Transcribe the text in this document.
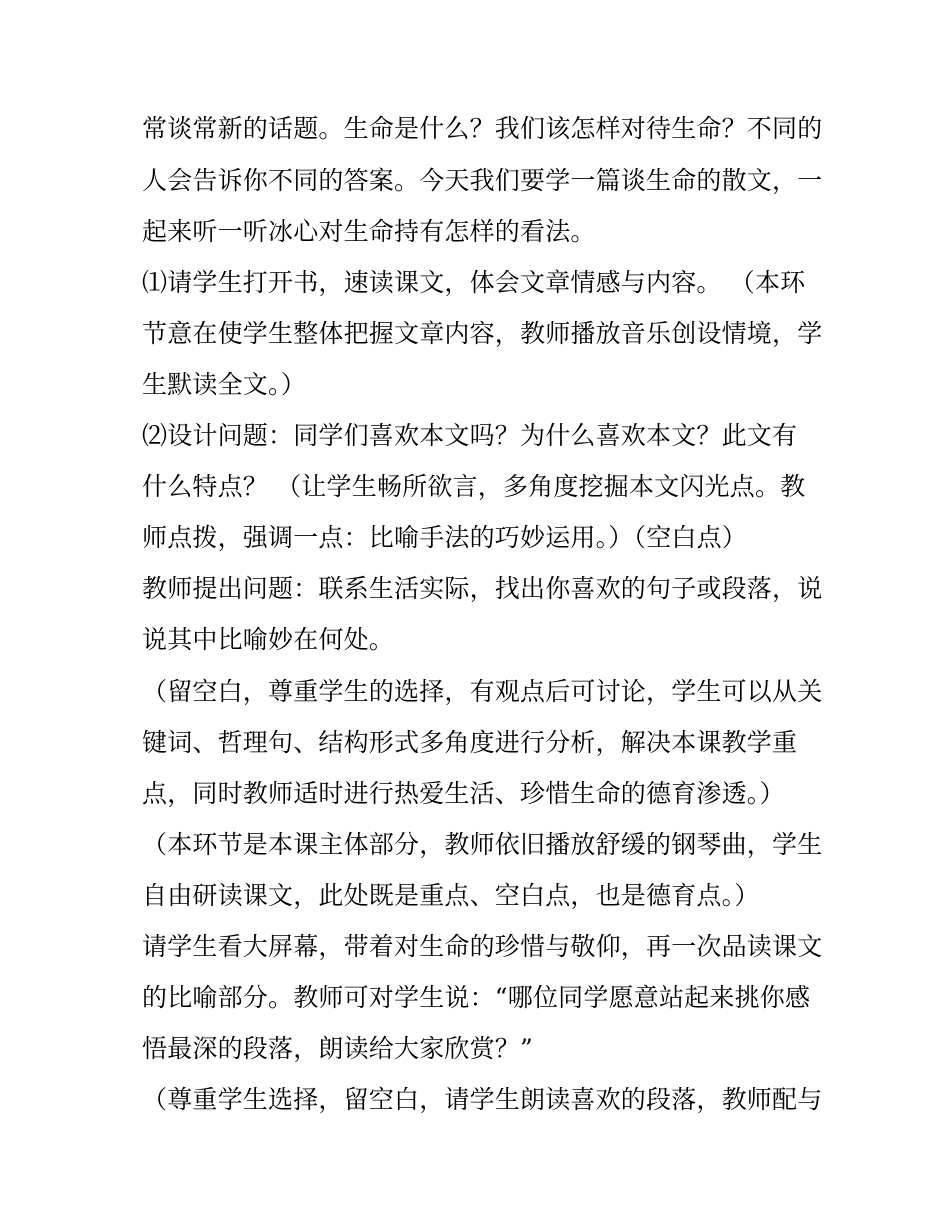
常谈常新的话题。生命是什么？我们该怎样对待生命？不同的
人会告诉你不同的答案。今天我们要学一篇谈生命的散文，一
起来听一听冰心对生命持有怎样的看法。
⑴请学生打开书，速读课文，体会文章情感与内容。 （本环
节意在使学生整体把握文章内容，教师播放音乐创设情境，学
生默读全文。）
⑵设计问题：同学们喜欢本文吗？为什么喜欢本文？此文有
什么特点？ （让学生畅所欲言，多角度挖掘本文闪光点。教
师点拨，强调一点：比喻手法的巧妙运用。）（空白点）
教师提出问题：联系生活实际，找出你喜欢的句子或段落，说
说其中比喻妙在何处。
（留空白，尊重学生的选择，有观点后可讨论，学生可以从关
键词、哲理句、结构形式多角度进行分析，解决本课教学重
点，同时教师适时进行热爱生活、珍惜生命的德育渗透。）
（本环节是本课主体部分，教师依旧播放舒缓的钢琴曲，学生
自由研读课文，此处既是重点、空白点，也是德育点。）
请学生看大屏幕，带着对生命的珍惜与敬仰，再一次品读课文
的比喻部分。教师可对学生说：“哪位同学愿意站起来挑你感
悟最深的段落，朗读给大家欣赏？”
（尊重学生选择，留空白，请学生朗读喜欢的段落，教师配与
